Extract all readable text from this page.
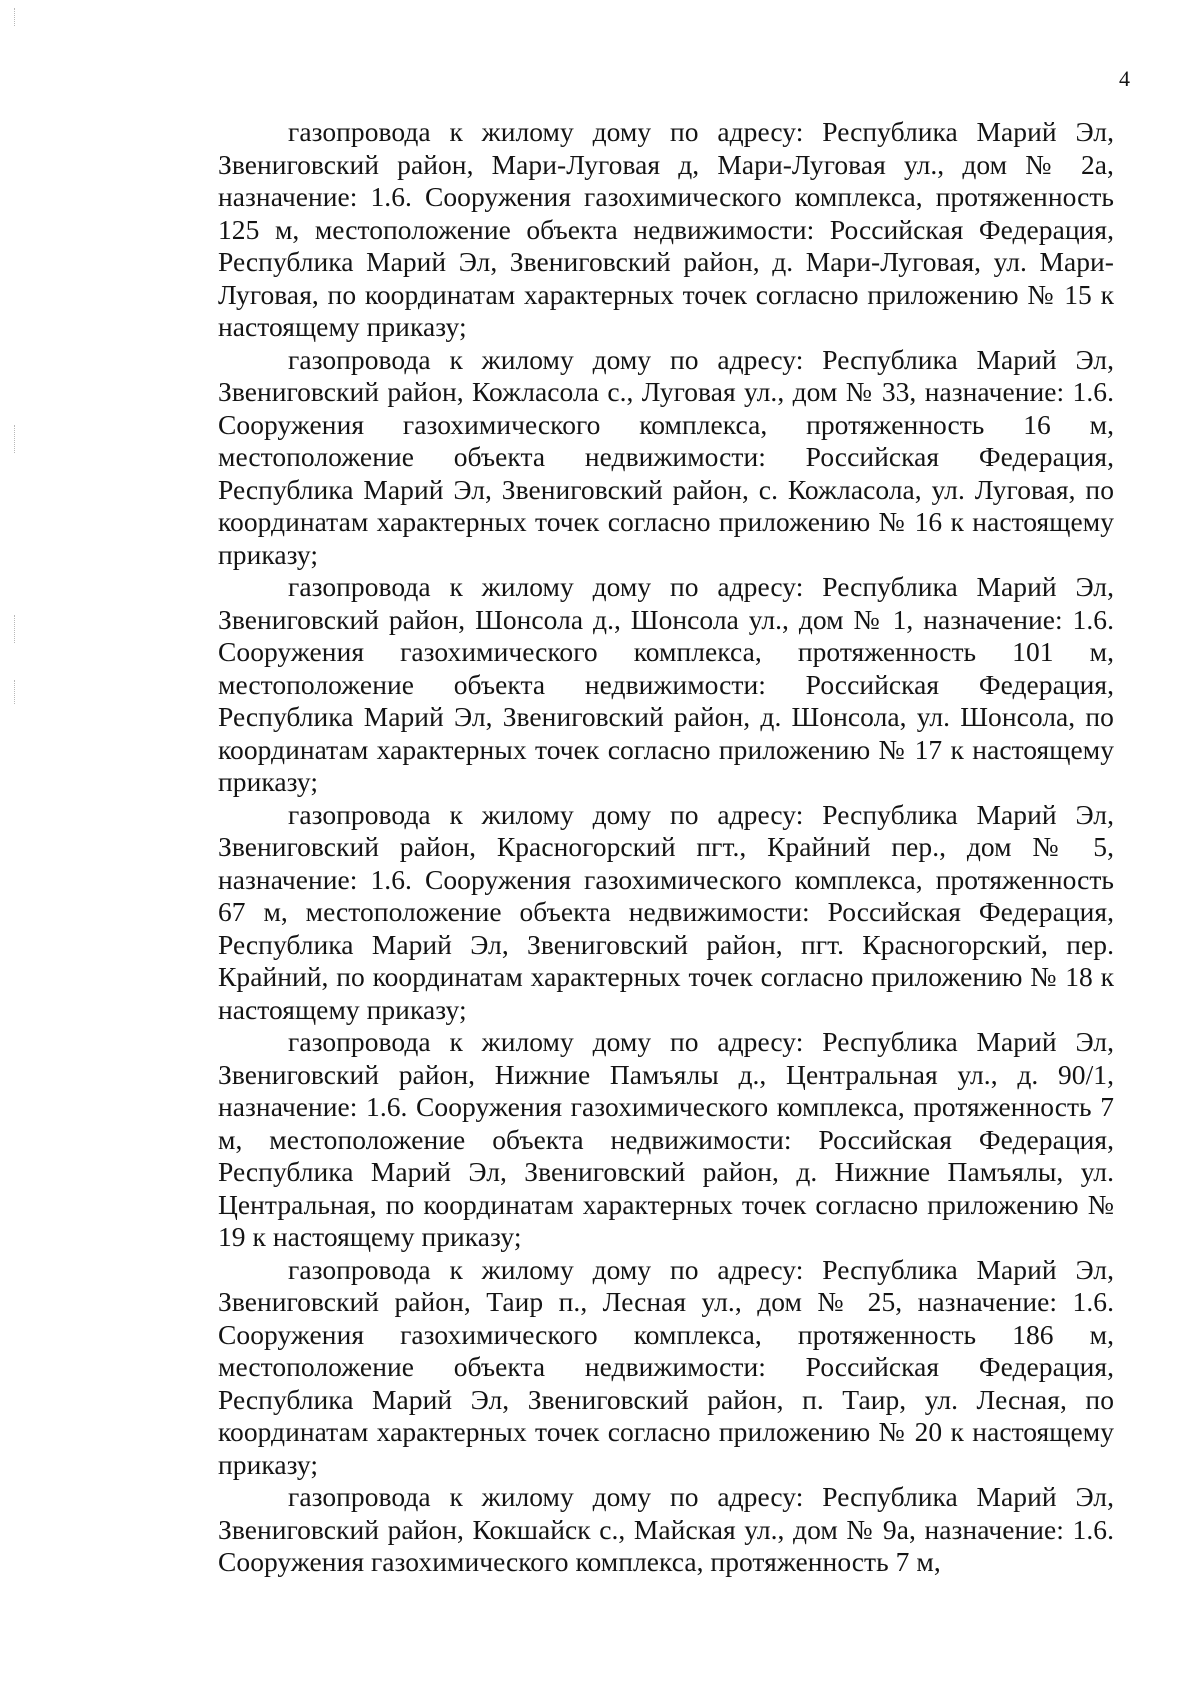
4

газопровода к жилому дому по адресу: Республика Марий Эл, Звениговский район, Мари-Луговая д, Мари-Луговая ул., дом № 2а, назначение: 1.6. Сооружения газохимического комплекса, протяженность 125 м, местоположение объекта недвижимости: Российская Федерация, Республика Марий Эл, Звениговский район, д. Мари-Луговая, ул. Мари-Луговая, по координатам характерных точек согласно приложению № 15 к настоящему приказу;

газопровода к жилому дому по адресу: Республика Марий Эл, Звениговский район, Кожласола с., Луговая ул., дом № 33, назначение: 1.6. Сооружения газохимического комплекса, протяженность 16 м, местоположение объекта недвижимости: Российская Федерация, Республика Марий Эл, Звениговский район, с. Кожласола, ул. Луговая, по координатам характерных точек согласно приложению № 16 к настоящему приказу;

газопровода к жилому дому по адресу: Республика Марий Эл, Звениговский район, Шонсола д., Шонсола ул., дом № 1, назначение: 1.6. Сооружения газохимического комплекса, протяженность 101 м, местоположение объекта недвижимости: Российская Федерация, Республика Марий Эл, Звениговский район, д. Шонсола, ул. Шонсола, по координатам характерных точек согласно приложению № 17 к настоящему приказу;

газопровода к жилому дому по адресу: Республика Марий Эл, Звениговский район, Красногорский пгт., Крайний пер., дом № 5, назначение: 1.6. Сооружения газохимического комплекса, протяженность 67 м, местоположение объекта недвижимости: Российская Федерация, Республика Марий Эл, Звениговский район, пгт. Красногорский, пер. Крайний, по координатам характерных точек согласно приложению № 18 к настоящему приказу;

газопровода к жилому дому по адресу: Республика Марий Эл, Звениговский район, Нижние Памъялы д., Центральная ул., д. 90/1, назначение: 1.6. Сооружения газохимического комплекса, протяженность 7 м, местоположение объекта недвижимости: Российская Федерация, Республика Марий Эл, Звениговский район, д. Нижние Памъялы, ул. Центральная, по координатам характерных точек согласно приложению № 19 к настоящему приказу;

газопровода к жилому дому по адресу: Республика Марий Эл, Звениговский район, Таир п., Лесная ул., дом № 25, назначение: 1.6. Сооружения газохимического комплекса, протяженность 186 м, местоположение объекта недвижимости: Российская Федерация, Республика Марий Эл, Звениговский район, п. Таир, ул. Лесная, по координатам характерных точек согласно приложению № 20 к настоящему приказу;

газопровода к жилому дому по адресу: Республика Марий Эл, Звениговский район, Кокшайск с., Майская ул., дом № 9а, назначение: 1.6. Сооружения газохимического комплекса, протяженность 7 м,
